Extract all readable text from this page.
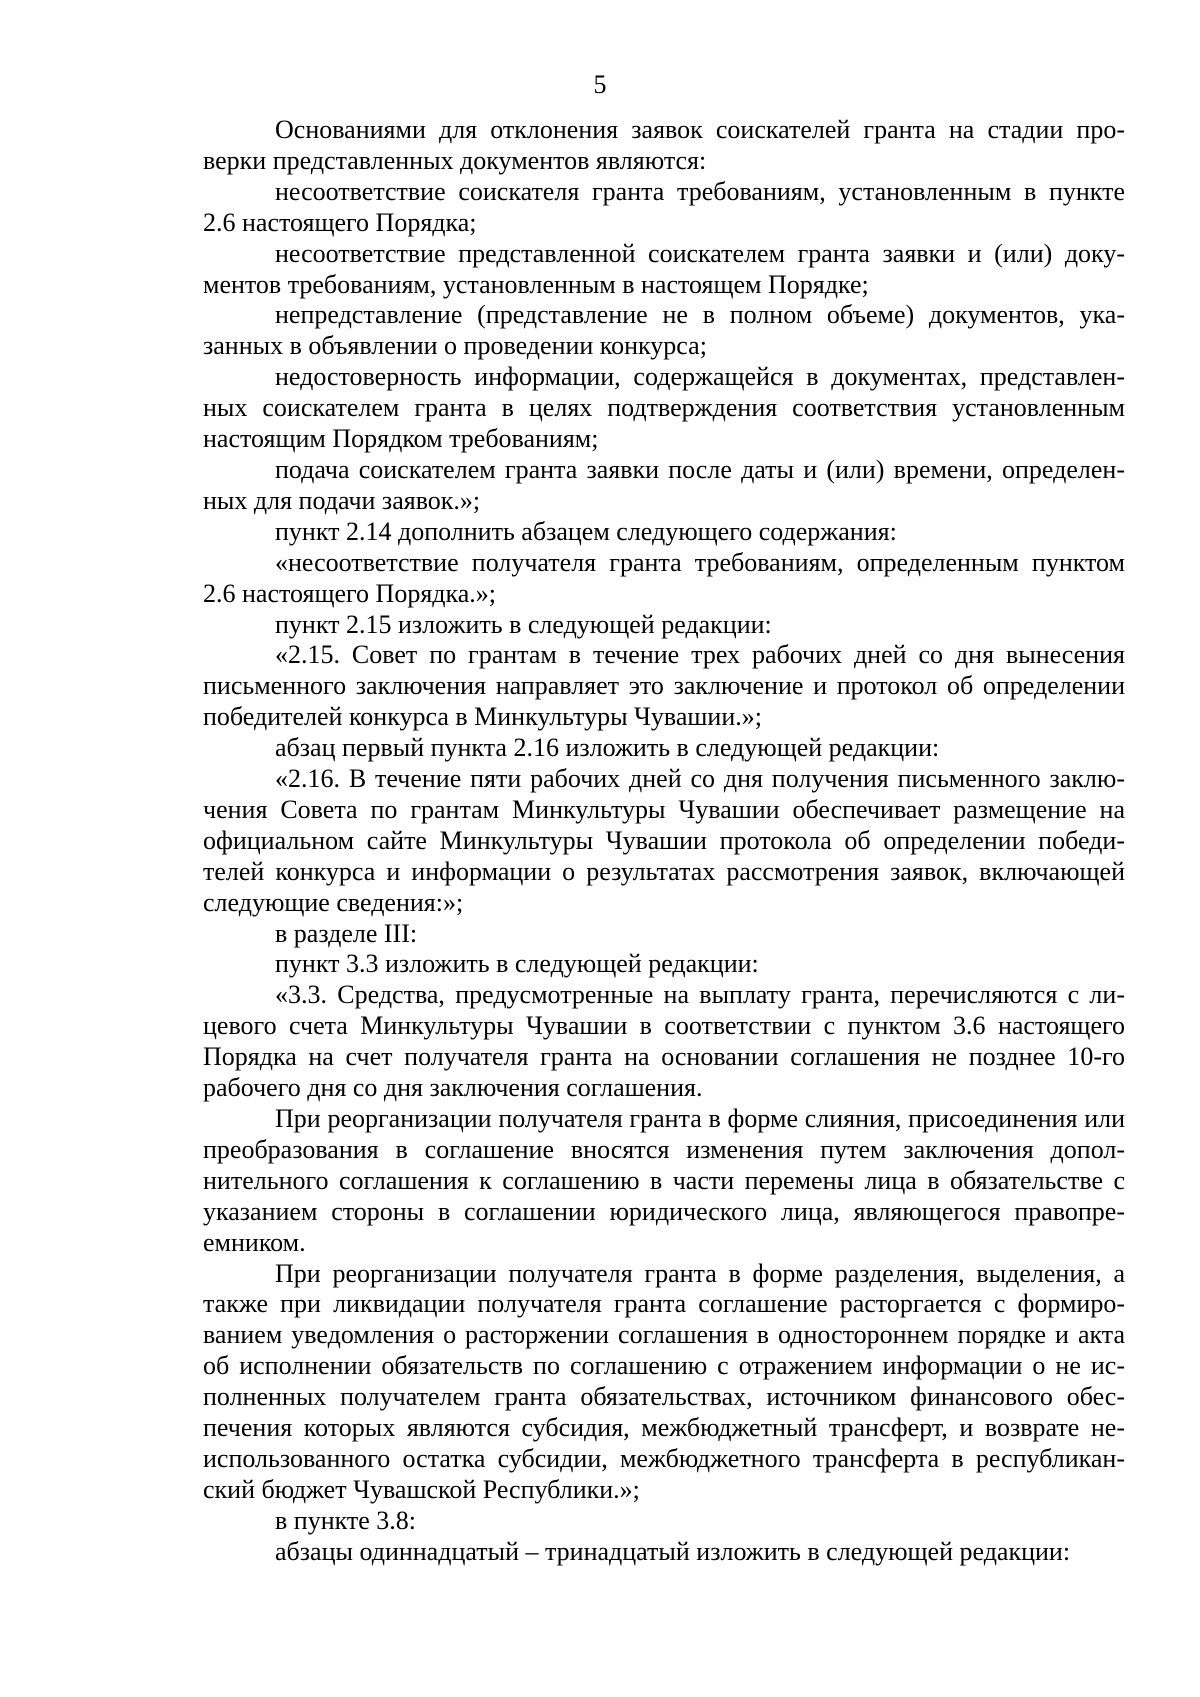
5

Основаниями для отклонения заявок соискателей гранта на стадии проверки представленных документов являются:

несоответствие соискателя гранта требованиям, установленным в пункте 2.6 настоящего Порядка;

несоответствие представленной соискателем гранта заявки и (или) документов требованиям, установленным в настоящем Порядке;

непредставление (представление не в полном объеме) документов, указанных в объявлении о проведении конкурса;

недостоверность информации, содержащейся в документах, представленных соискателем гранта в целях подтверждения соответствия установленным настоящим Порядком требованиям;

подача соискателем гранта заявки после даты и (или) времени, определенных для подачи заявок.»;

пункт 2.14 дополнить абзацем следующего содержания:

«несоответствие получателя гранта требованиям, определенным пунктом 2.6 настоящего Порядка.»;

пункт 2.15 изложить в следующей редакции:

«2.15. Совет по грантам в течение трех рабочих дней со дня вынесения письменного заключения направляет это заключение и протокол об определении победителей конкурса в Минкультуры Чувашии.»;

абзац первый пункта 2.16 изложить в следующей редакции:

«2.16. В течение пяти рабочих дней со дня получения письменного заключения Совета по грантам Минкультуры Чувашии обеспечивает размещение на официальном сайте Минкультуры Чувашии протокола об определении победителей конкурса и информации о результатах рассмотрения заявок, включающей следующие сведения:»;

в разделе III:

пункт 3.3 изложить в следующей редакции:

«3.3. Средства, предусмотренные на выплату гранта, перечисляются с лицевого счета Минкультуры Чувашии в соответствии с пунктом 3.6 настоящего Порядка на счет получателя гранта на основании соглашения не позднее 10-го рабочего дня со дня заключения соглашения.

При реорганизации получателя гранта в форме слияния, присоединения или преобразования в соглашение вносятся изменения путем заключения дополнительного соглашения к соглашению в части перемены лица в обязательстве с указанием стороны в соглашении юридического лица, являющегося правопреемником.

При реорганизации получателя гранта в форме разделения, выделения, а также при ликвидации получателя гранта соглашение расторгается с формированием уведомления о расторжении соглашения в одностороннем порядке и акта об исполнении обязательств по соглашению с отражением информации о не исполненных получателем гранта обязательствах, источником финансового обеспечения которых являются субсидия, межбюджетный трансферт, и возврате неиспользованного остатка субсидии, межбюджетного трансферта в республиканский бюджет Чувашской Республики.»;

в пункте 3.8:

абзацы одиннадцатый – тринадцатый изложить в следующей редакции:
